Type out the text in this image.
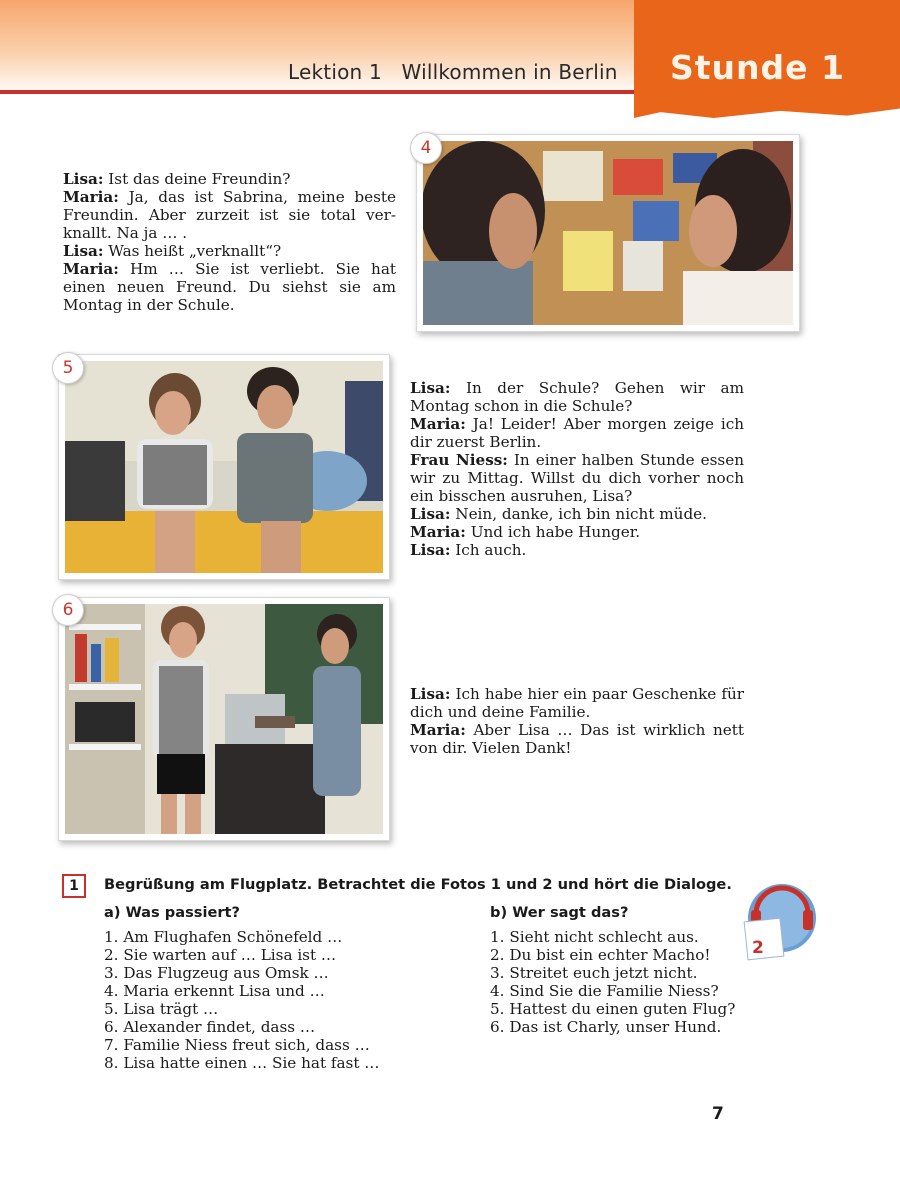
Lektion 1   Willkommen in Berlin Stunde 1

Lisa: Ist das deine Freundin?

Maria: Ja, das ist Sabrina, meine beste Freundin. Aber zurzeit ist sie total ver-knallt. Na ja … .

Lisa: Was heißt „verknallt“?

Maria: Hm … Sie ist verliebt. Sie hat einen neuen Freund. Du siehst sie am Montag in der Schule.

4
5

Lisa: In der Schule? Gehen wir am Montag schon in die Schule?

Maria: Ja! Leider! Aber morgen zeige ich dir zuerst Berlin.

Frau Niess: In einer halben Stunde essen wir zu Mittag. Willst du dich vorher noch ein bisschen ausruhen, Lisa?

Lisa: Nein, danke, ich bin nicht müde.

Maria: Und ich habe Hunger.

Lisa: Ich auch.

6

Lisa: Ich habe hier ein paar Geschenke für dich und deine Familie.

Maria: Aber Lisa … Das ist wirklich nett von dir. Vielen Dank!

1	Begrüßung am Flugplatz. Betrachtet die Fotos 1 und 2 und hört die Dialoge.
a) Was passiert?
1. Am Flughafen Schönefeld …
2. Sie warten auf … Lisa ist …
3. Das Flugzeug aus Omsk …
4. Maria erkennt Lisa und …
5. Lisa trägt …
6. Alexander findet, dass …
7. Familie Niess freut sich, dass …
8. Lisa hatte einen … Sie hat fast …
b) Wer sagt das?
1. Sieht nicht schlecht aus.
2. Du bist ein echter Macho!
3. Streitet euch jetzt nicht.
4. Sind Sie die Familie Niess?
5. Hattest du einen guten Flug?
6. Das ist Charly, unser Hund.
2
7
